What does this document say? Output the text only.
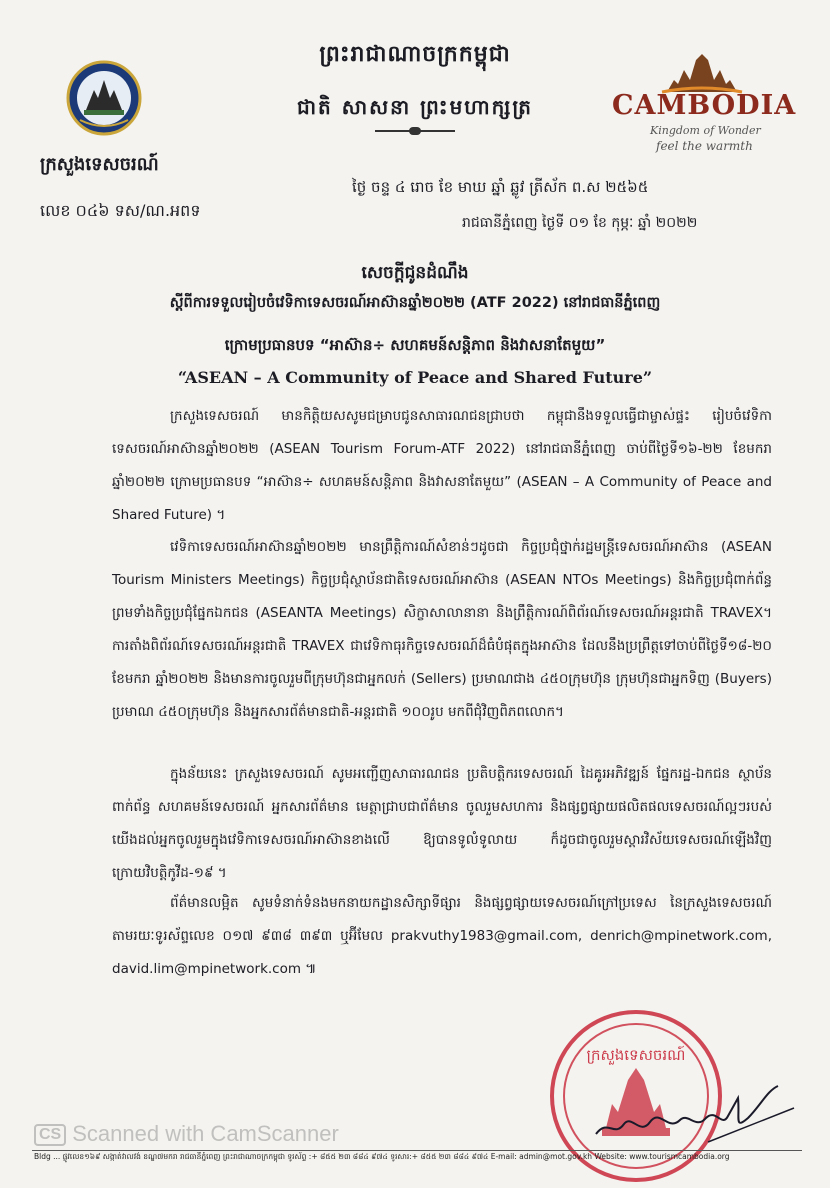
ព្រះរាជាណាចក្រកម្ពុជា
ជាតិ សាសនា ព្រះមហាក្សត្រ	CAMBODIA
Kingdom of Wonder
feel the warmth
ក្រសួងទេសចរណ៍
លេខ ០៤៦ ទស/ណ.អពទ
ថ្ងៃ ចន្ទ ៤ រោច ខែ មាឃ ឆ្នាំ ឆ្លូវ ត្រីស័ក ព.ស ២៥៦៥
រាជធានីភ្នំពេញ ថ្ងៃទី ០១ ខែ កុម្ភៈ ឆ្នាំ ២០២២
សេចក្ដីជូនដំណឹង
ស្ដីពីការទទួលរៀបចំវេទិកាទេសចរណ៍អាស៊ានឆ្នាំ២០២២ (ATF 2022) នៅរាជធានីភ្នំពេញ
ក្រោមប្រធានបទ “អាស៊ាន÷ សហគមន៍សន្តិភាព និងវាសនាតែមួយ”
“ASEAN – A Community of Peace and Shared Future”
ក្រសួងទេសចរណ៍ មានកិត្តិយសសូមជម្រាបជូនសាធារណជនជ្រាបថា កម្ពុជានឹងទទួលធ្វើជាម្ចាស់ផ្ទះ រៀបចំវេទិកាទេសចរណ៍អាស៊ានឆ្នាំ២០២២ (ASEAN Tourism Forum-ATF 2022) នៅរាជធានីភ្នំពេញ ចាប់ពីថ្ងៃទី១៦-២២ ខែមករា ឆ្នាំ២០២២ ក្រោមប្រធានបទ “អាស៊ាន÷ សហគមន៍សន្តិភាព និងវាសនាតែមួយ” (ASEAN – A Community of Peace and Shared Future) ។
វេទិកាទេសចរណ៍អាស៊ានឆ្នាំ២០២២ មានព្រឹត្តិការណ៍សំខាន់ៗដូចជា កិច្ចប្រជុំថ្នាក់រដ្ឋមន្ត្រីទេសចរណ៍អាស៊ាន (ASEAN Tourism Ministers Meetings) កិច្ចប្រជុំស្ថាប័នជាតិទេសចរណ៍អាស៊ាន (ASEAN NTOs Meetings) និងកិច្ចប្រជុំពាក់ព័ន្ធ ព្រមទាំងកិច្ចប្រជុំផ្នែកឯកជន (ASEANTA Meetings) សិក្ខាសាលានានា និងព្រឹត្តិការណ៍ពិព័រណ៍ទេសចរណ៍អន្តរជាតិ TRAVEX។ ការតាំងពិព័រណ៍ទេសចរណ៍អន្តរជាតិ TRAVEX ជាវេទិកាធុរកិច្ចទេសចរណ៍ដ៏ធំបំផុតក្នុងអាស៊ាន ដែលនឹងប្រព្រឹត្តទៅចាប់ពីថ្ងៃទី១៨-២០ ខែមករា ឆ្នាំ២០២២ និងមានការចូលរួមពីក្រុមហ៊ុនជាអ្នកលក់ (Sellers) ប្រមាណជាង ៤៥០ក្រុមហ៊ុន ក្រុមហ៊ុនជាអ្នកទិញ (Buyers) ប្រមាណ ៤៥០ក្រុមហ៊ុន និងអ្នកសារព័ត៌មានជាតិ-អន្តរជាតិ ១០០រូប មកពីជុំវិញពិភពលោក។
ក្នុងន័យនេះ ក្រសួងទេសចរណ៍ សូមអញ្ជើញសាធារណជន ប្រតិបត្តិករទេសចរណ៍ ដៃគូរអភិវឌ្ឍន៍ ផ្នែករដ្ឋ-ឯកជន ស្ថាប័នពាក់ព័ន្ធ សហគមន៍ទេសចរណ៍ អ្នកសារព័ត៌មាន មេត្តាជ្រាបជាព័ត៌មាន ចូលរួមសហការ និងផ្សព្វផ្សាយផលិតផលទេសចរណ៍ល្អៗរបស់យើងដល់អ្នកចូលរួមក្នុងវេទិកាទេសចរណ៍អាស៊ានខាងលើ ឱ្យបានទូលំទូលាយ ក៏ដូចជាចូលរួមស្ដារវិស័យទេសចរណ៍ឡើងវិញក្រោយវិបត្តិកូវីដ-១៩ ។
ព័ត៌មានលម្អិត សូមទំនាក់ទំនងមកនាយកដ្ឋានសិក្សាទីផ្សារ និងផ្សព្វផ្សាយទេសចរណ៍ក្រៅប្រទេស នៃក្រសួងទេសចរណ៍តាមរយៈទូរស័ព្ទលេខ ០១៧ ៩៣៨ ៣៩៣ ឬអ៊ីមែល prakvuthy1983@gmail.com, denrich@mpinetwork.com, david.lim@mpinetwork.com ៕
ក្រសួងទេសចរណ៍
CS Scanned with CamScanner
Bldg ... ផ្លូវលេខ១៦៩ សង្កាត់វាលវង់ ខណ្ឌ៧មករា រាជធានីភ្នំពេញ ព្រះរាជាណាចក្រកម្ពុជា ទូរស័ព្ទ :+ ៨៥៥ ២៣ ៨៨៤ ៩៧៤ ទូរសារ:+ ៨៥៥ ២៣ ៨៨៤ ៩៧៤ E-mail: admin@mot.gov.kh Website: www.tourismcambodia.org
